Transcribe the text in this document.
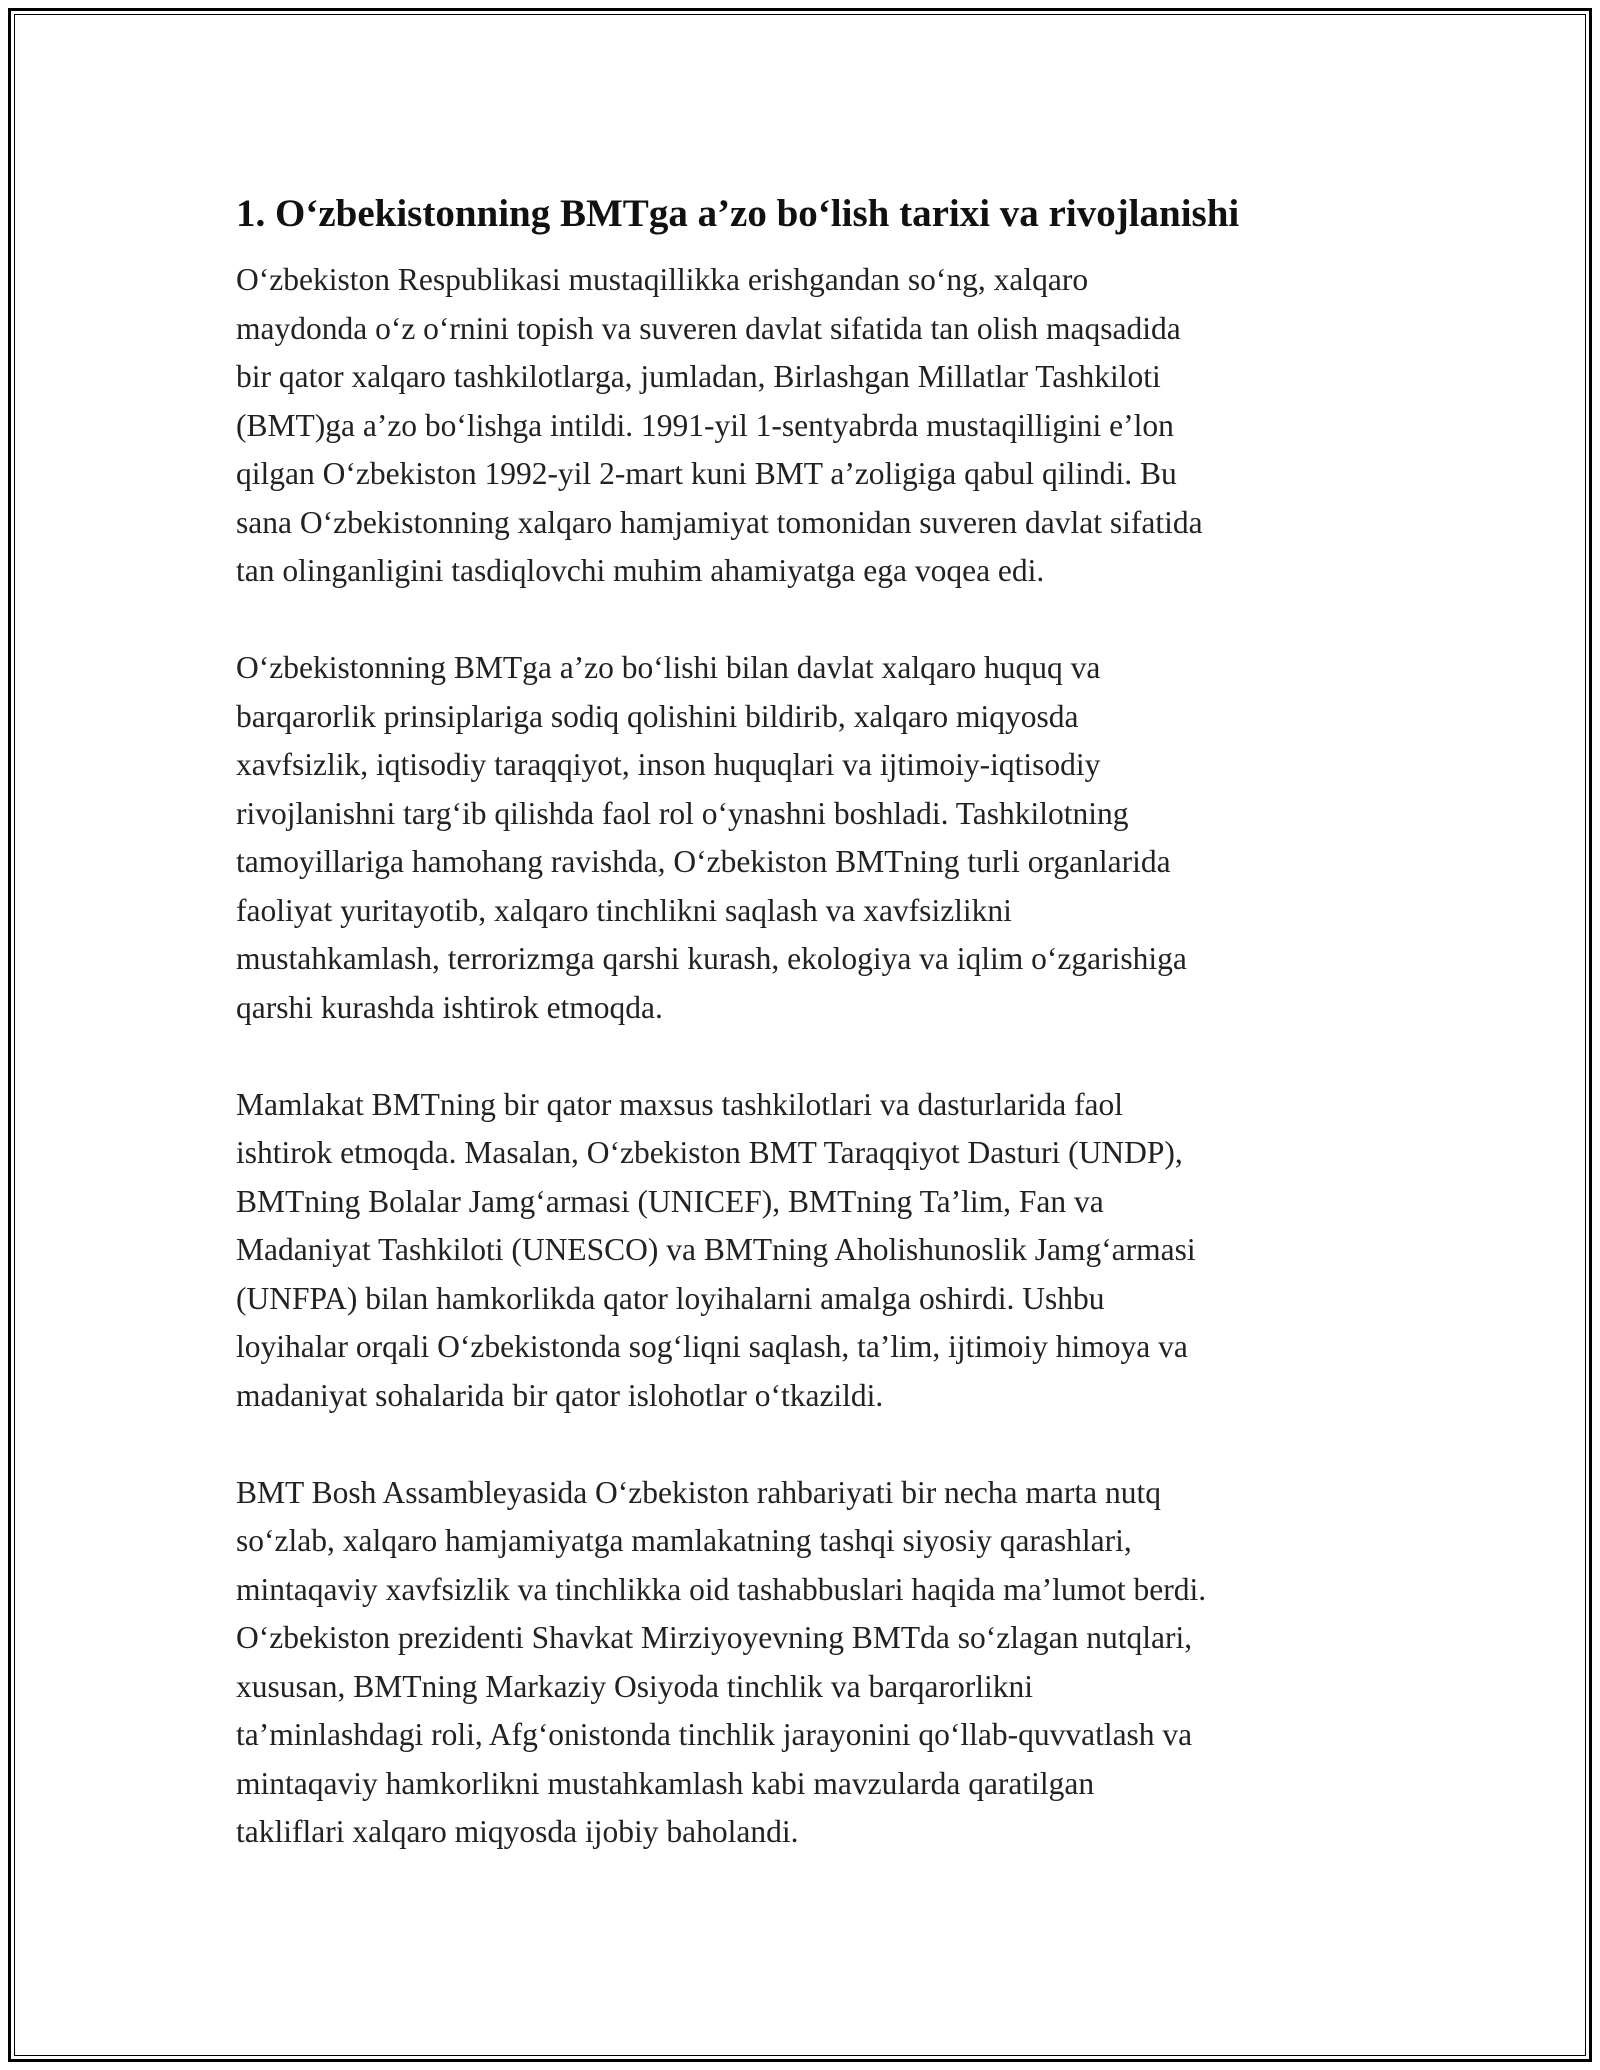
1. O‘zbekistonning BMTga a’zo bo‘lish tarixi va rivojlanishi

O‘zbekiston Respublikasi mustaqillikka erishgandan so‘ng, xalqaro
maydonda o‘z o‘rnini topish va suveren davlat sifatida tan olish maqsadida
bir qator xalqaro tashkilotlarga, jumladan, Birlashgan Millatlar Tashkiloti
(BMT)ga a’zo bo‘lishga intildi. 1991-yil 1-sentyabrda mustaqilligini e’lon
qilgan O‘zbekiston 1992-yil 2-mart kuni BMT a’zoligiga qabul qilindi. Bu
sana O‘zbekistonning xalqaro hamjamiyat tomonidan suveren davlat sifatida
tan olinganligini tasdiqlovchi muhim ahamiyatga ega voqea edi.

O‘zbekistonning BMTga a’zo bo‘lishi bilan davlat xalqaro huquq va
barqarorlik prinsiplariga sodiq qolishini bildirib, xalqaro miqyosda
xavfsizlik, iqtisodiy taraqqiyot, inson huquqlari va ijtimoiy-iqtisodiy
rivojlanishni targ‘ib qilishda faol rol o‘ynashni boshladi. Tashkilotning
tamoyillariga hamohang ravishda, O‘zbekiston BMTning turli organlarida
faoliyat yuritayotib, xalqaro tinchlikni saqlash va xavfsizlikni
mustahkamlash, terrorizmga qarshi kurash, ekologiya va iqlim o‘zgarishiga
qarshi kurashda ishtirok etmoqda.

Mamlakat BMTning bir qator maxsus tashkilotlari va dasturlarida faol
ishtirok etmoqda. Masalan, O‘zbekiston BMT Taraqqiyot Dasturi (UNDP),
BMTning Bolalar Jamg‘armasi (UNICEF), BMTning Ta’lim, Fan va
Madaniyat Tashkiloti (UNESCO) va BMTning Aholishunoslik Jamg‘armasi
(UNFPA) bilan hamkorlikda qator loyihalarni amalga oshirdi. Ushbu
loyihalar orqali O‘zbekistonda sog‘liqni saqlash, ta’lim, ijtimoiy himoya va
madaniyat sohalarida bir qator islohotlar o‘tkazildi.

BMT Bosh Assambleyasida O‘zbekiston rahbariyati bir necha marta nutq
so‘zlab, xalqaro hamjamiyatga mamlakatning tashqi siyosiy qarashlari,
mintaqaviy xavfsizlik va tinchlikka oid tashabbuslari haqida ma’lumot berdi.
O‘zbekiston prezidenti Shavkat Mirziyoyevning BMTda so‘zlagan nutqlari,
xususan, BMTning Markaziy Osiyoda tinchlik va barqarorlikni
ta’minlashdagi roli, Afg‘onistonda tinchlik jarayonini qo‘llab-quvvatlash va
mintaqaviy hamkorlikni mustahkamlash kabi mavzularda qaratilgan
takliflari xalqaro miqyosda ijobiy baholandi.
